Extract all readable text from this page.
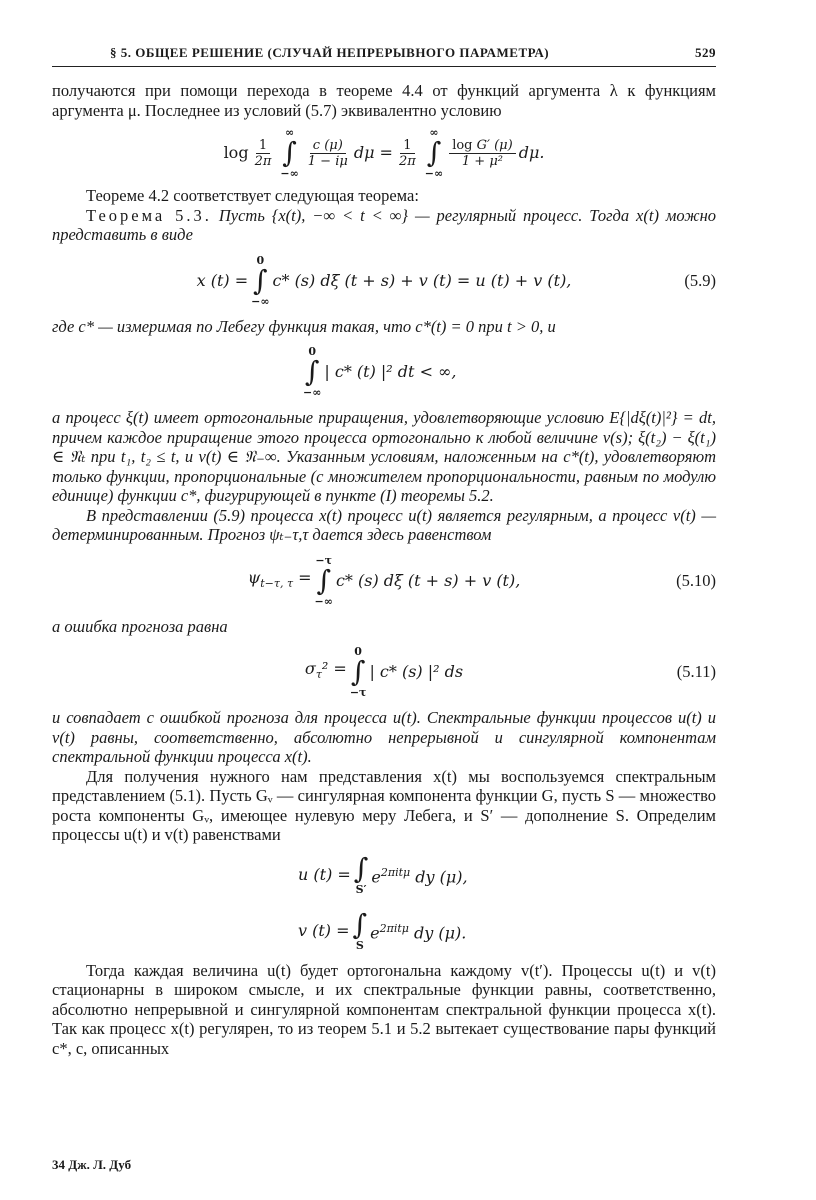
§ 5. ОБЩЕЕ РЕШЕНИЕ (СЛУЧАЙ НЕПРЕРЫВНОГО ПАРАМЕТРА)	529

получаются при помощи перехода в теореме 4.4 от функций аргумента λ к функциям аргумента μ. Последнее из условий (5.7) эквивалентно условию

$\log \frac{1}{2\pi}$
∞
∫
−∞
$\frac{c (\mu)}{1 - i\mu}$ $d\mu = \frac{1}{2\pi}$
∞
∫
−∞
$\frac{\text{log G′ (μ)}}{\text{1 + μ²}} d\mu$.

Теореме 4.2 соответствует следующая теорема:

Теорема 5.3. Пусть {x(t), −∞ < t < ∞} — регулярный процесс. Тогда x(t) можно представить в виде

x (t) =
0
∫
−∞
c* (s) dξ (t + s) + v (t) = u (t) + v (t),	(5.9)

где c* — измеримая по Лебегу функция такая, что c*(t) = 0 при t > 0, и

0
∫
−∞
| c* (t) |² dt < ∞,

а процесс ξ(t) имеет ортогональные приращения, удовлетворяющие условию E{|dξ(t)|²} = dt, причем каждое приращение этого процесса ортогонально к любой величине v(s); ξ(t₂) − ξ(t₁) ∈ 𝔑ₜ при t₁, t₂ ≤ t, и v(t) ∈ 𝔑₋∞. Указанным условиям, наложенным на c*(t), удовлетворяют только функции, пропорциональные (с множителем пропорциональности, равным по модулю единице) функции c*, фигурирующей в пункте (I) теоремы 5.2.

В представлении (5.9) процесса x(t) процесс u(t) является регулярным, а процесс v(t) — детерминированным. Прогноз ψₜ₋τ,τ дается здесь равенством

$\psi_{t-\tau, \tau}$ =
−τ
∫
−∞
c* (s) dξ (t + s) + v (t),	(5.10)

а ошибка прогноза равна

$\sigma_\tau^2$ =
0
∫
−τ
| c* (s) |² ds	(5.11)

и совпадает с ошибкой прогноза для процесса u(t). Спектральные функции процессов u(t) и v(t) равны, соответственно, абсолютно непрерывной и сингулярной компонентам спектральной функции процесса x(t).

Для получения нужного нам представления x(t) мы воспользуемся спектральным представлением (5.1). Пусть Gᵥ — сингулярная компонента функции G, пусть S — множество роста компоненты Gᵥ, имеющее нулевую меру Лебега, и S′ — дополнение S. Определим процессы u(t) и v(t) равенствами

u (t) = ∫
S′
$e^{2\pi it\mu}$ dy (μ),
v (t) = ∫
S
$e^{2\pi it\mu}$ dy (μ).

Тогда каждая величина u(t) будет ортогональна каждому v(t′). Процессы u(t) и v(t) стационарны в широком смысле, и их спектральные функции равны, соответственно, абсолютно непрерывной и сингулярной компонентам спектральной функции процесса x(t). Так как процесс x(t) регулярен, то из теорем 5.1 и 5.2 вытекает существование пары функций c*, c, описанных

34 Дж. Л. Дуб
